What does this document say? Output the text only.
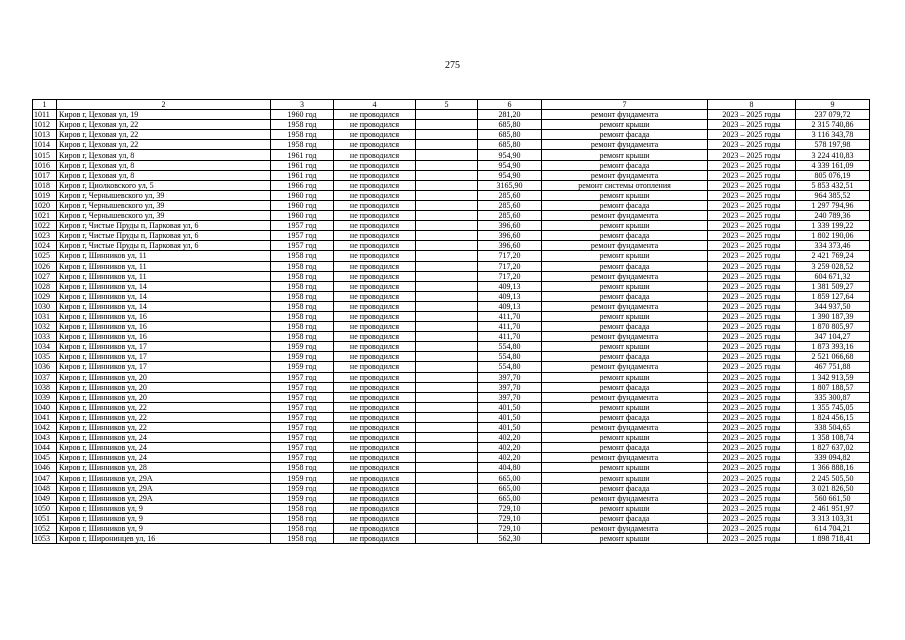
275
1	2	3	4	5	6	7	8	9
1011	Киров г, Цеховая ул, 19	1960 год	не проводился		281,20	ремонт фундамента	2023 – 2025 годы	237 079,72
1012	Киров г, Цеховая ул, 22	1958 год	не проводился		685,80	ремонт крыши	2023 – 2025 годы	2 315 740,86
1013	Киров г, Цеховая ул, 22	1958 год	не проводился		685,80	ремонт фасада	2023 – 2025 годы	3 116 343,78
1014	Киров г, Цеховая ул, 22	1958 год	не проводился		685,80	ремонт фундамента	2023 – 2025 годы	578 197,98
1015	Киров г, Цеховая ул, 8	1961 год	не проводился		954,90	ремонт крыши	2023 – 2025 годы	3 224 410,83
1016	Киров г, Цеховая ул, 8	1961 год	не проводился		954,90	ремонт фасада	2023 – 2025 годы	4 339 161,09
1017	Киров г, Цеховая ул, 8	1961 год	не проводился		954,90	ремонт фундамента	2023 – 2025 годы	805 076,19
1018	Киров г, Циолковского ул, 5	1966 год	не проводился		3165,90	ремонт системы отопления	2023 – 2025 годы	5 853 432,51
1019	Киров г, Чернышевского ул, 39	1960 год	не проводился		285,60	ремонт крыши	2023 – 2025 годы	964 385,52
1020	Киров г, Чернышевского ул, 39	1960 год	не проводился		285,60	ремонт фасада	2023 – 2025 годы	1 297 794,96
1021	Киров г, Чернышевского ул, 39	1960 год	не проводился		285,60	ремонт фундамента	2023 – 2025 годы	240 789,36
1022	Киров г, Чистые Пруды п, Парковая ул, 6	1957 год	не проводился		396,60	ремонт крыши	2023 – 2025 годы	1 339 199,22
1023	Киров г, Чистые Пруды п, Парковая ул, 6	1957 год	не проводился		396,60	ремонт фасада	2023 – 2025 годы	1 802 190,06
1024	Киров г, Чистые Пруды п, Парковая ул, 6	1957 год	не проводился		396,60	ремонт фундамента	2023 – 2025 годы	334 373,46
1025	Киров г, Шинников ул, 11	1958 год	не проводился		717,20	ремонт крыши	2023 – 2025 годы	2 421 769,24
1026	Киров г, Шинников ул, 11	1958 год	не проводился		717,20	ремонт фасада	2023 – 2025 годы	3 259 028,52
1027	Киров г, Шинников ул, 11	1958 год	не проводился		717,20	ремонт фундамента	2023 – 2025 годы	604 671,32
1028	Киров г, Шинников ул, 14	1958 год	не проводился		409,13	ремонт крыши	2023 – 2025 годы	1 381 509,27
1029	Киров г, Шинников ул, 14	1958 год	не проводился		409,13	ремонт фасада	2023 – 2025 годы	1 859 127,64
1030	Киров г, Шинников ул, 14	1958 год	не проводился		409,13	ремонт фундамента	2023 – 2025 годы	344 937,50
1031	Киров г, Шинников ул, 16	1958 год	не проводился		411,70	ремонт крыши	2023 – 2025 годы	1 390 187,39
1032	Киров г, Шинников ул, 16	1958 год	не проводился		411,70	ремонт фасада	2023 – 2025 годы	1 870 805,97
1033	Киров г, Шинников ул, 16	1958 год	не проводился		411,70	ремонт фундамента	2023 – 2025 годы	347 104,27
1034	Киров г, Шинников ул, 17	1959 год	не проводился		554,80	ремонт крыши	2023 – 2025 годы	1 873 393,16
1035	Киров г, Шинников ул, 17	1959 год	не проводился		554,80	ремонт фасада	2023 – 2025 годы	2 521 066,68
1036	Киров г, Шинников ул, 17	1959 год	не проводился		554,80	ремонт фундамента	2023 – 2025 годы	467 751,88
1037	Киров г, Шинников ул, 20	1957 год	не проводился		397,70	ремонт крыши	2023 – 2025 годы	1 342 913,59
1038	Киров г, Шинников ул, 20	1957 год	не проводился		397,70	ремонт фасада	2023 – 2025 годы	1 807 188,57
1039	Киров г, Шинников ул, 20	1957 год	не проводился		397,70	ремонт фундамента	2023 – 2025 годы	335 300,87
1040	Киров г, Шинников ул, 22	1957 год	не проводился		401,50	ремонт крыши	2023 – 2025 годы	1 355 745,05
1041	Киров г, Шинников ул, 22	1957 год	не проводился		401,50	ремонт фасада	2023 – 2025 годы	1 824 456,15
1042	Киров г, Шинников ул, 22	1957 год	не проводился		401,50	ремонт фундамента	2023 – 2025 годы	338 504,65
1043	Киров г, Шинников ул, 24	1957 год	не проводился		402,20	ремонт крыши	2023 – 2025 годы	1 358 108,74
1044	Киров г, Шинников ул, 24	1957 год	не проводился		402,20	ремонт фасада	2023 – 2025 годы	1 827 637,02
1045	Киров г, Шинников ул, 24	1957 год	не проводился		402,20	ремонт фундамента	2023 – 2025 годы	339 094,82
1046	Киров г, Шинников ул, 28	1958 год	не проводился		404,80	ремонт крыши	2023 – 2025 годы	1 366 888,16
1047	Киров г, Шинников ул, 29А	1959 год	не проводился		665,00	ремонт крыши	2023 – 2025 годы	2 245 505,50
1048	Киров г, Шинников ул, 29А	1959 год	не проводился		665,00	ремонт фасада	2023 – 2025 годы	3 021 826,50
1049	Киров г, Шинников ул, 29А	1959 год	не проводился		665,00	ремонт фундамента	2023 – 2025 годы	560 661,50
1050	Киров г, Шинников ул, 9	1958 год	не проводился		729,10	ремонт крыши	2023 – 2025 годы	2 461 951,97
1051	Киров г, Шинников ул, 9	1958 год	не проводился		729,10	ремонт фасада	2023 – 2025 годы	3 313 103,31
1052	Киров г, Шинников ул, 9	1958 год	не проводился		729,10	ремонт фундамента	2023 – 2025 годы	614 704,21
1053	Киров г, Широнинцев ул, 16	1958 год	не проводился		562,30	ремонт крыши	2023 – 2025 годы	1 898 718,41
